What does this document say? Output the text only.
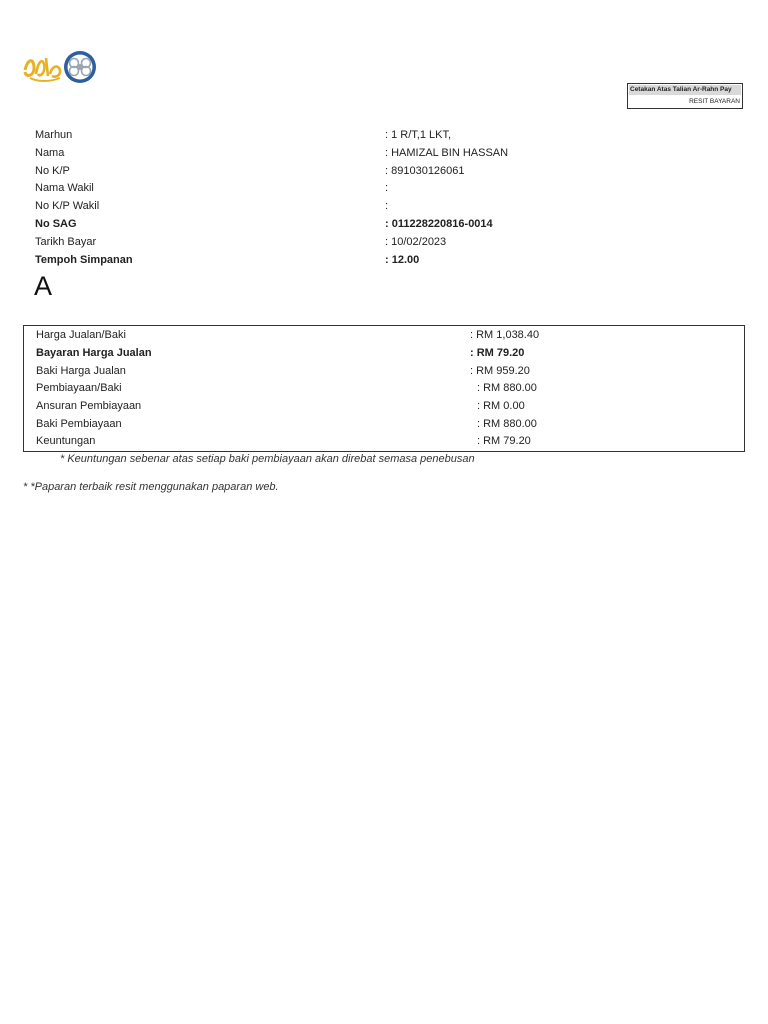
Cetakan Atas Talian Ar-Rahn Pay
RESIT BAYARAN
Marhun	: 1 R/T,1 LKT,
Nama	: HAMIZAL BIN HASSAN
No K/P	: 891030126061
Nama Wakil	:
No K/P Wakil	:
No SAG	: 011228220816-0014
Tarikh Bayar	: 10/02/2023
Tempoh Simpanan	: 12.00
A
Harga Jualan/Baki	: RM 1,038.40
Bayaran Harga Jualan	: RM 79.20
Baki Harga Jualan	: RM 959.20
Pembiayaan/Baki	: RM 880.00
Ansuran Pembiayaan	: RM 0.00
Baki Pembiayaan	: RM 880.00
Keuntungan	: RM 79.20
* Keuntungan sebenar atas setiap baki pembiayaan akan direbat semasa penebusan
* *Paparan terbaik resit menggunakan paparan web.
